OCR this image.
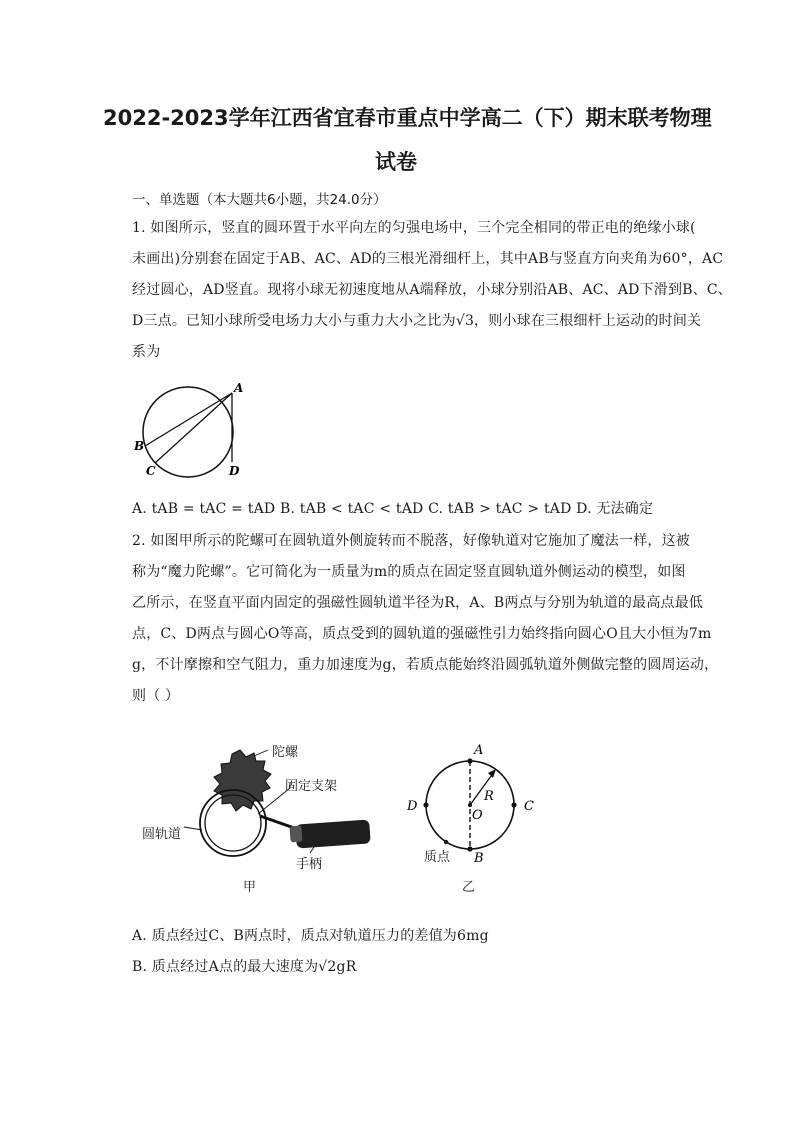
2022-2023学年江西省宜春市重点中学高二（下）期末联考物理
试卷
一、单选题（本大题共6小题，共24.0分）
1. 如图所示，竖直的圆环置于水平向左的匀强电场中，三个完全相同的带正电的绝缘小球(
未画出)分别套在固定于AB、AC、AD的三根光滑细杆上，其中AB与竖直方向夹角为60°，AC
经过圆心，AD竖直。现将小球无初速度地从A端释放，小球分别沿AB、AC、AD下滑到B、C、
D三点。已知小球所受电场力大小与重力大小之比为√3，则小球在三根细杆上运动的时间关
系为
A
B
C	D
A. tAB = tAC = tAD B. tAB < tAC < tAD C. tAB > tAC > tAD D. 无法确定
2. 如图甲所示的陀螺可在圆轨道外侧旋转而不脱落，好像轨道对它施加了魔法一样，这被
称为“魔力陀螺”。它可简化为一质量为m的质点在固定竖直圆轨道外侧运动的模型，如图
乙所示，在竖直平面内固定的强磁性圆轨道半径为R，A、B两点与分别为轨道的最高点最低
点，C、D两点与圆心O等高，质点受到的圆轨道的强磁性引力始终指向圆心O且大小恒为7m
g，不计摩擦和空气阻力，重力加速度为g，若质点能始终沿圆弧轨道外侧做完整的圆周运动，
则（ ）
陀螺
固定支架
圆轨道
手柄
甲
A
B
C
D
O
R
质点
乙
A. 质点经过C、B两点时，质点对轨道压力的差值为6mg
B. 质点经过A点的最大速度为√2gR
